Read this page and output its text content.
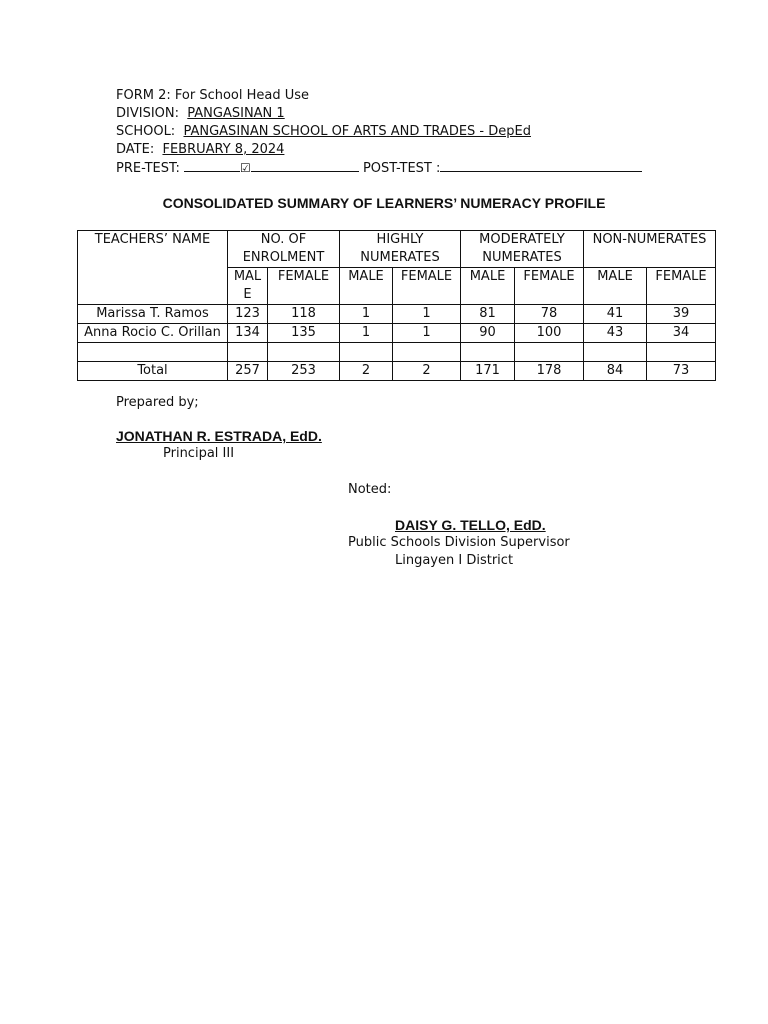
FORM 2: For School Head Use
DIVISION: PANGASINAN 1
SCHOOL: PANGASINAN SCHOOL OF ARTS AND TRADES - DepEd
DATE: FEBRUARY 8, 2024
PRE-TEST:	☑	POST-TEST :
CONSOLIDATED SUMMARY OF LEARNERS’ NUMERACY PROFILE
TEACHERS’ NAME	NO. OF ENROLMENT		HIGHLY NUMERATES		MODERATELY NUMERATES		NON-NUMERATES	
	MALE	FEMALE	MALE	FEMALE	MALE	FEMALE	MALE	FEMALE
Marissa T. Ramos	123	118	1	1	81	78	41	39
Anna Rocio C. Orillan	134	135	1	1	90	100	43	34

Total	257	253	2	2	171	178	84	73
Prepared by;
JONATHAN R. ESTRADA, EdD.
Principal III
Noted:
DAISY G. TELLO, EdD.
Public Schools Division Supervisor
Lingayen I District
